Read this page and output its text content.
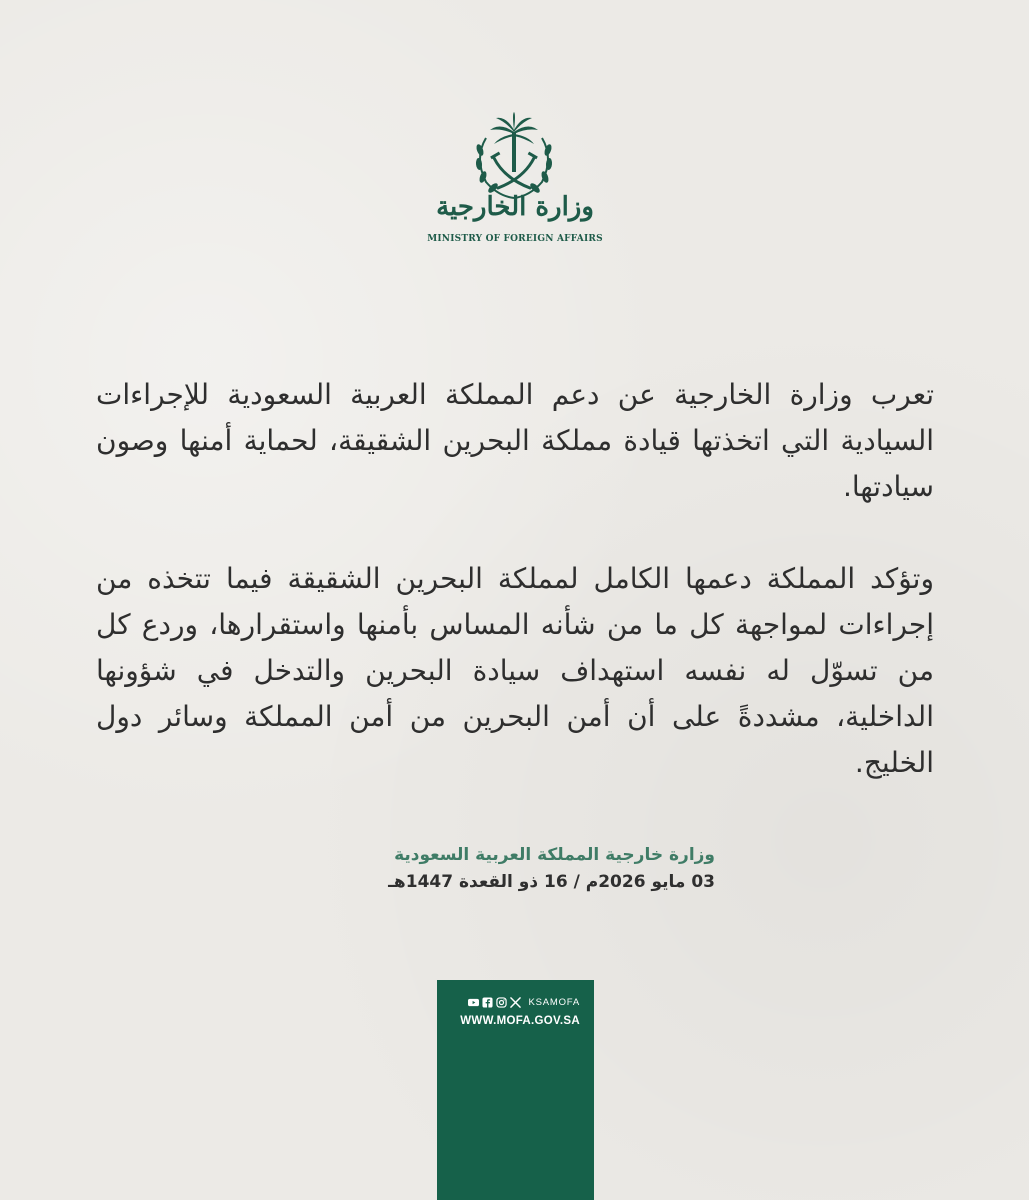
وزارة الخارجية
MINISTRY OF FOREIGN AFFAIRS

تعرب وزارة الخارجية عن دعم المملكة العربية السعودية للإجراءات السيادية التي اتخذتها قيادة مملكة البحرين الشقيقة، لحماية أمنها وصون سيادتها.

وتؤكد المملكة دعمها الكامل لمملكة البحرين الشقيقة فيما تتخذه من إجراءات لمواجهة كل ما من شأنه المساس بأمنها واستقرارها، وردع كل من تسوّل له نفسه استهداف سيادة البحرين والتدخل في شؤونها الداخلية، مشددةً على أن أمن البحرين من أمن المملكة وسائر دول الخليج.

وزارة خارجية المملكة العربية السعودية
03 مايو 2026م / 16 ذو القعدة 1447هـ
KSAMOFA
WWW.MOFA.GOV.SA
